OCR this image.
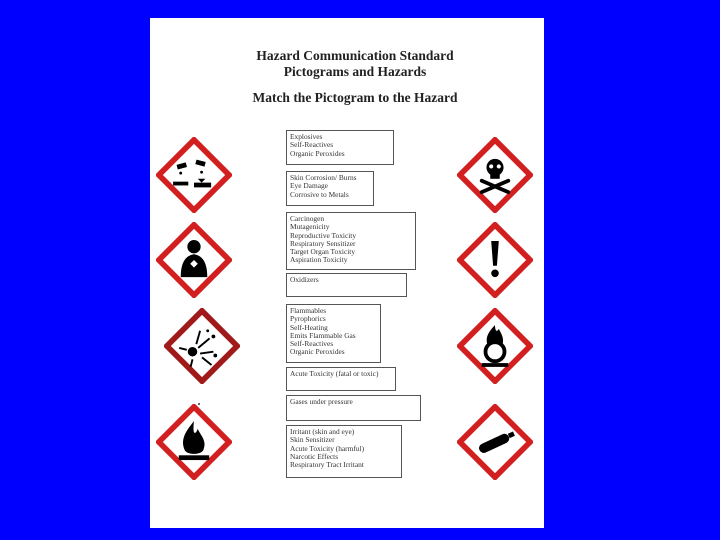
Hazard Communication Standard
Pictograms and Hazards
Match the Pictogram to the Hazard
Explosives
Self-Reactives
Organic Peroxides
Skin Corrosion/ Burns
Eye Damage
Corrosive to Metals
Carcinogen
Mutagenicity
Reproductive Toxicity
Respiratory Sensitizer
Target Organ Toxicity
Aspiration Toxicity
Oxidizers
Flammables
Pyrophorics
Self-Heating
Emits Flammable Gas
Self-Reactives
Organic Peroxides
Acute Toxicity (fatal or toxic)
Gases under pressure
Irritant (skin and eye)
Skin Sensitizer
Acute Toxicity (harmful)
Narcotic Effects
Respiratory Tract Irritant
